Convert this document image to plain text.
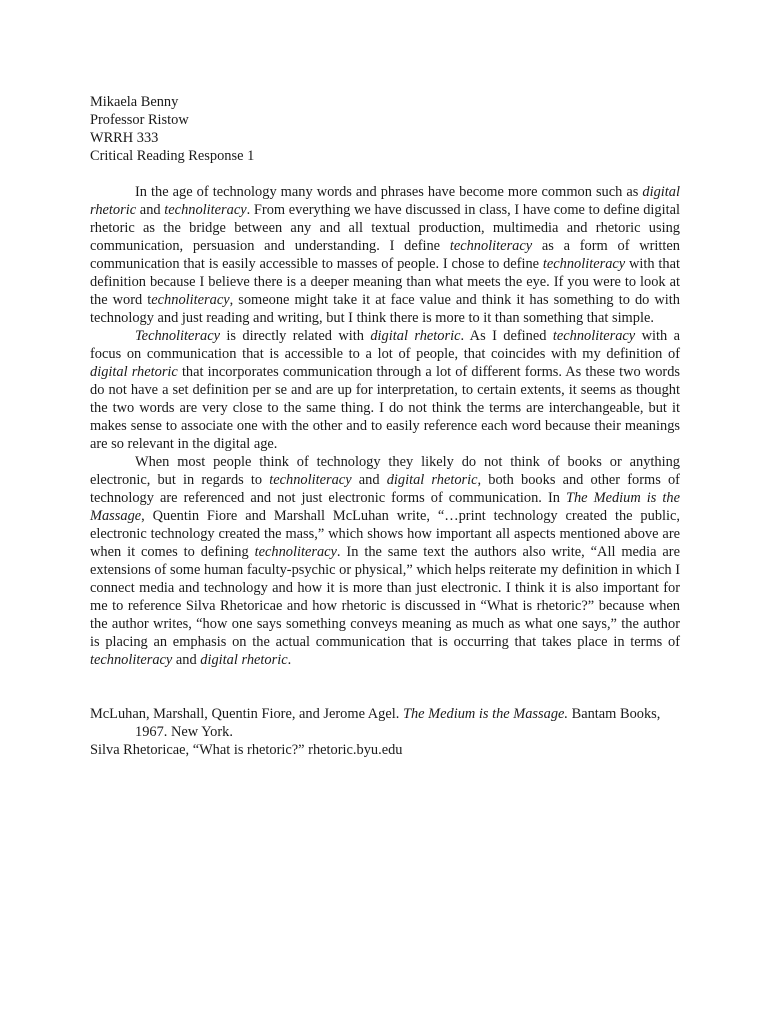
Mikaela Benny
Professor Ristow
WRRH 333
Critical Reading Response 1

In the age of technology many words and phrases have become more common such as digital rhetoric and technoliteracy. From everything we have discussed in class, I have come to define digital rhetoric as the bridge between any and all textual production, multimedia and rhetoric using communication, persuasion and understanding. I define technoliteracy as a form of written communication that is easily accessible to masses of people. I chose to define technoliteracy with that definition because I believe there is a deeper meaning than what meets the eye. If you were to look at the word technoliteracy, someone might take it at face value and think it has something to do with technology and just reading and writing, but I think there is more to it than something that simple.

Technoliteracy is directly related with digital rhetoric. As I defined technoliteracy with a focus on communication that is accessible to a lot of people, that coincides with my definition of digital rhetoric that incorporates communication through a lot of different forms. As these two words do not have a set definition per se and are up for interpretation, to certain extents, it seems as thought the two words are very close to the same thing. I do not think the terms are interchangeable, but it makes sense to associate one with the other and to easily reference each word because their meanings are so relevant in the digital age.

When most people think of technology they likely do not think of books or anything electronic, but in regards to technoliteracy and digital rhetoric, both books and other forms of technology are referenced and not just electronic forms of communication. In The Medium is the Massage, Quentin Fiore and Marshall McLuhan write, “…print technology created the public, electronic technology created the mass,” which shows how important all aspects mentioned above are when it comes to defining technoliteracy. In the same text the authors also write, “All media are extensions of some human faculty-psychic or physical,” which helps reiterate my definition in which I connect media and technology and how it is more than just electronic. I think it is also important for me to reference Silva Rhetoricae and how rhetoric is discussed in “What is rhetoric?” because when the author writes, “how one says something conveys meaning as much as what one says,” the author is placing an emphasis on the actual communication that is occurring that takes place in terms of technoliteracy and digital rhetoric.

McLuhan, Marshall, Quentin Fiore, and Jerome Agel. The Medium is the Massage. Bantam Books, 1967. New York.

Silva Rhetoricae, “What is rhetoric?” rhetoric.byu.edu
